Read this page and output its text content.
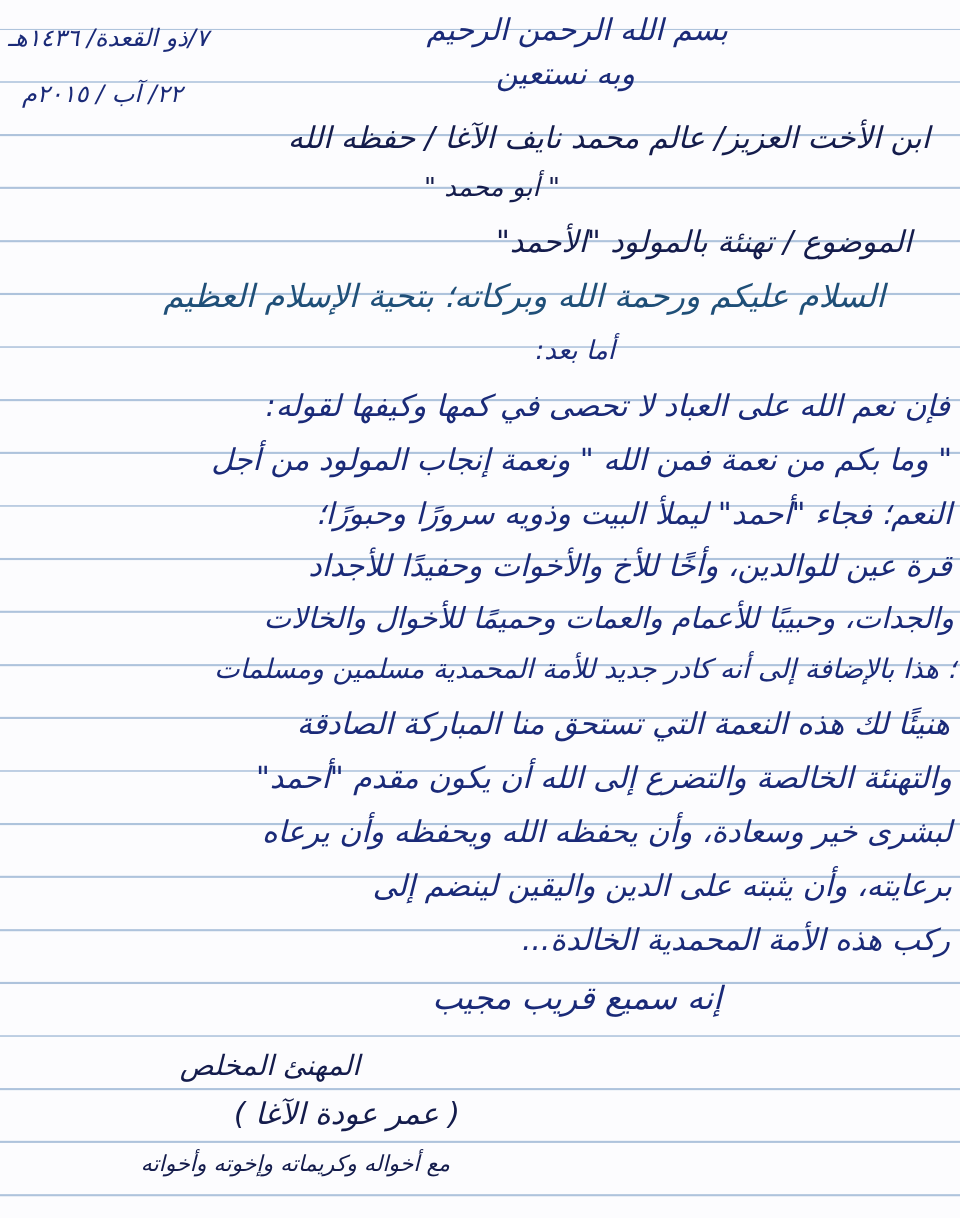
بسم الله الرحمن الرحيم
٧/ذو القعدة/ ١٤٣٦هـ
وبه نستعين
٢٢/ آب / ٢٠١٥م
ابن الأخت العزيز/ عالم محمد نايف الآغا / حفظه الله
" أبو محمد "
الموضوع / تهنئة بالمولود "الأحمد"
السلام عليكم ورحمة الله وبركاته؛ بتحية الإسلام العظيم
أما بعد:
فإن نعم الله على العباد لا تحصى في كمها وكيفها لقوله:
" وما بكم من نعمة فمن الله " ونعمة إنجاب المولود من أجل
النعم؛ فجاء "أحمد" ليملأ البيت وذويه سرورًا وحبورًا؛
قرة عين للوالدين، وأخًا للأخ والأخوات وحفيدًا للأجداد
والجدات، وحبيبًا للأعمام والعمات وحميمًا للأخوال والخالات
؛ هذا بالإضافة إلى أنه كادر جديد للأمة المحمدية مسلمين ومسلمات
هنيئًا لك هذه النعمة التي تستحق منا المباركة الصادقة
والتهنئة الخالصة والتضرع إلى الله أن يكون مقدم "أحمد"
لبشرى خير وسعادة، وأن يحفظه الله ويحفظه وأن يرعاه
برعايته، وأن يثبته على الدين واليقين لينضم إلى
ركب هذه الأمة المحمدية الخالدة...
إنه سميع قريب مجيب
المهنئ المخلص
( عمر عودة الآغا )
مع أخواله وكريماته وإخوته وأخواته
